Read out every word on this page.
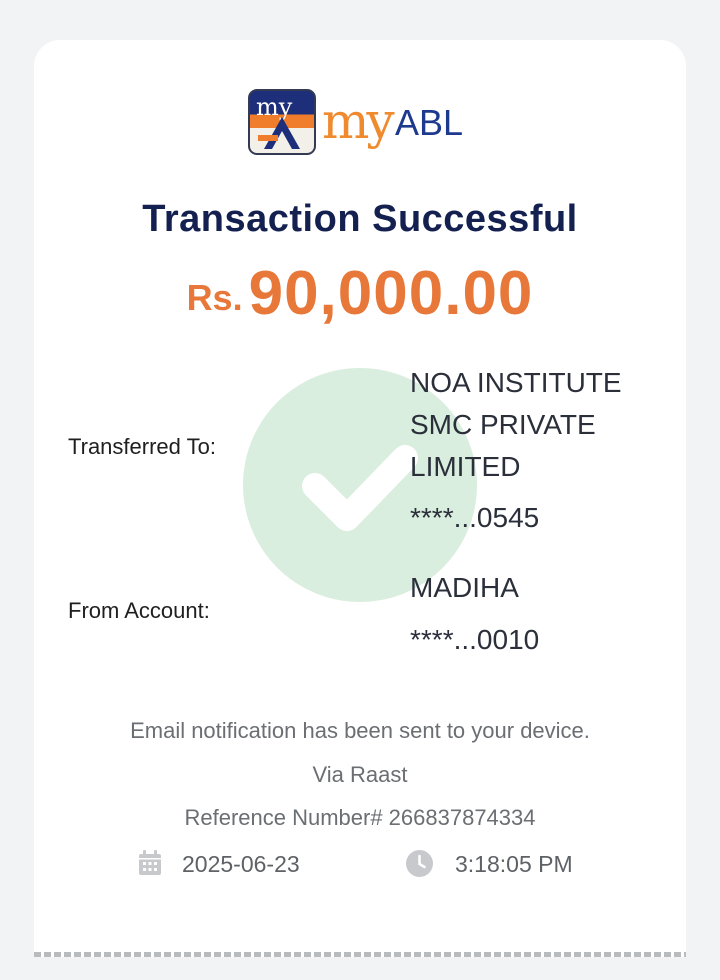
my my ABL
Transaction Successful
Rs.90,000.00
Transferred To:
NOA INSTITUTE
SMC PRIVATE
LIMITED
****...0545
From Account:
MADIHA
****...0010
Email notification has been sent to your device.
Via Raast
Reference Number# 266837874334
2025-06-23	3:18:05 PM
